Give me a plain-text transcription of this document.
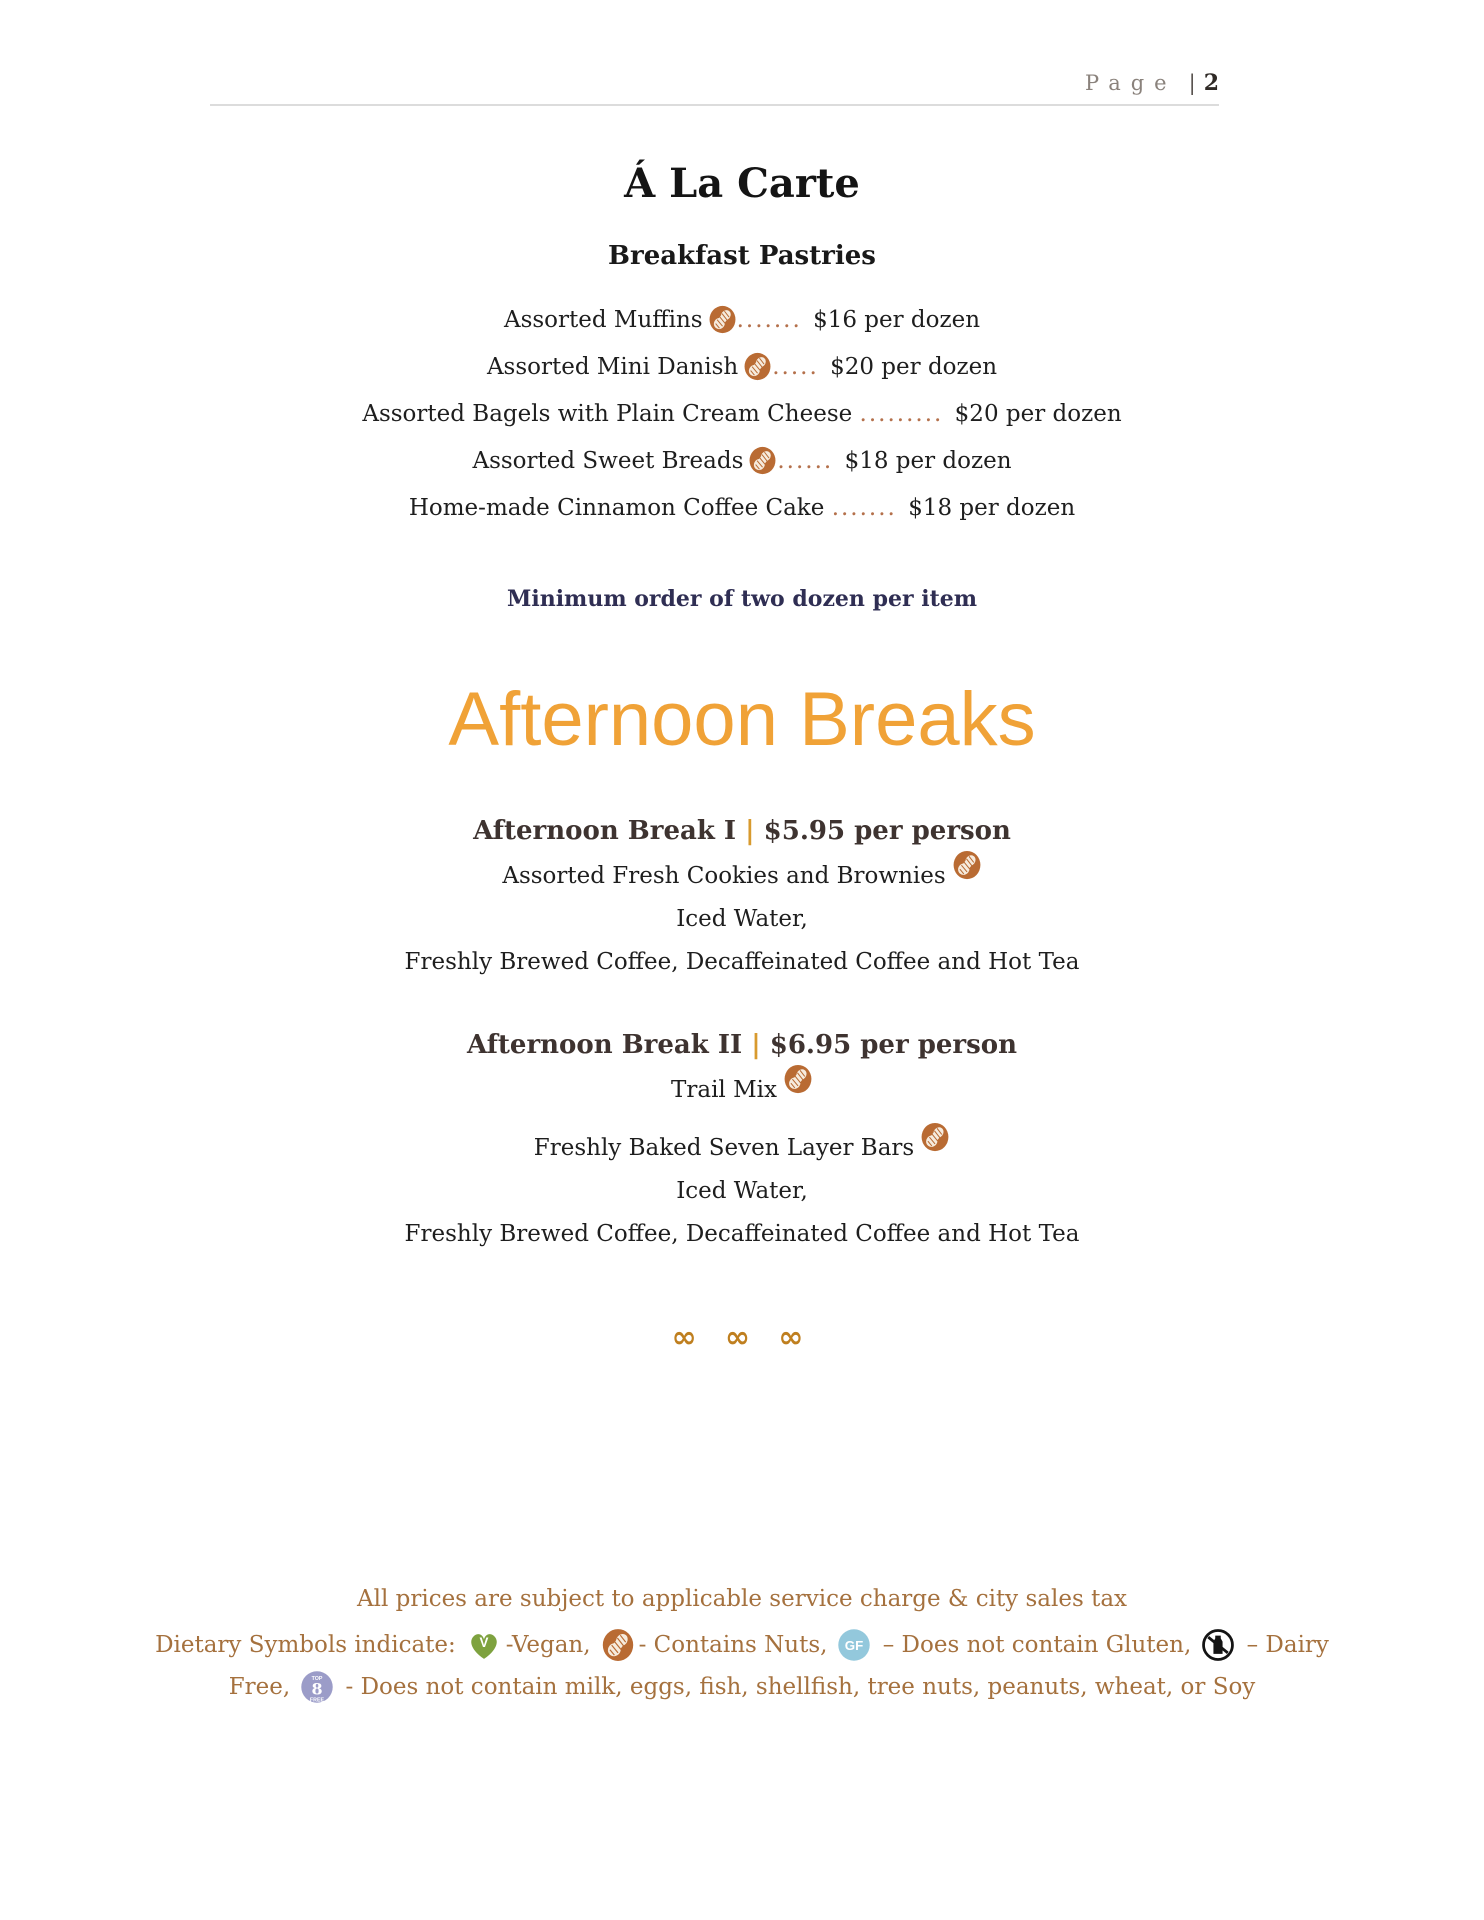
Page | 2
Á La Carte
Breakfast Pastries

Assorted Muffins ....... $16 per dozen

Assorted Mini Danish ..... $20 per dozen

Assorted Bagels with Plain Cream Cheese ......... $20 per dozen

Assorted Sweet Breads ...... $18 per dozen

Home-made Cinnamon Coffee Cake ....... $18 per dozen

Minimum order of two dozen per item

Afternoon Breaks
Afternoon Break I | $5.95 per person

Assorted Fresh Cookies and Brownies

Iced Water,

Freshly Brewed Coffee, Decaffeinated Coffee and Hot Tea

Afternoon Break II | $6.95 per person

Trail Mix

Freshly Baked Seven Layer Bars

Iced Water,

Freshly Brewed Coffee, Decaffeinated Coffee and Hot Tea

∞ ∞ ∞

All prices are subject to applicable service charge & city sales tax

Dietary Symbols indicate: -Vegan, - Contains Nuts, – Does not contain Gluten, – Dairy

Free, - Does not contain milk, eggs, fish, shellfish, tree nuts, peanuts, wheat, or Soy
